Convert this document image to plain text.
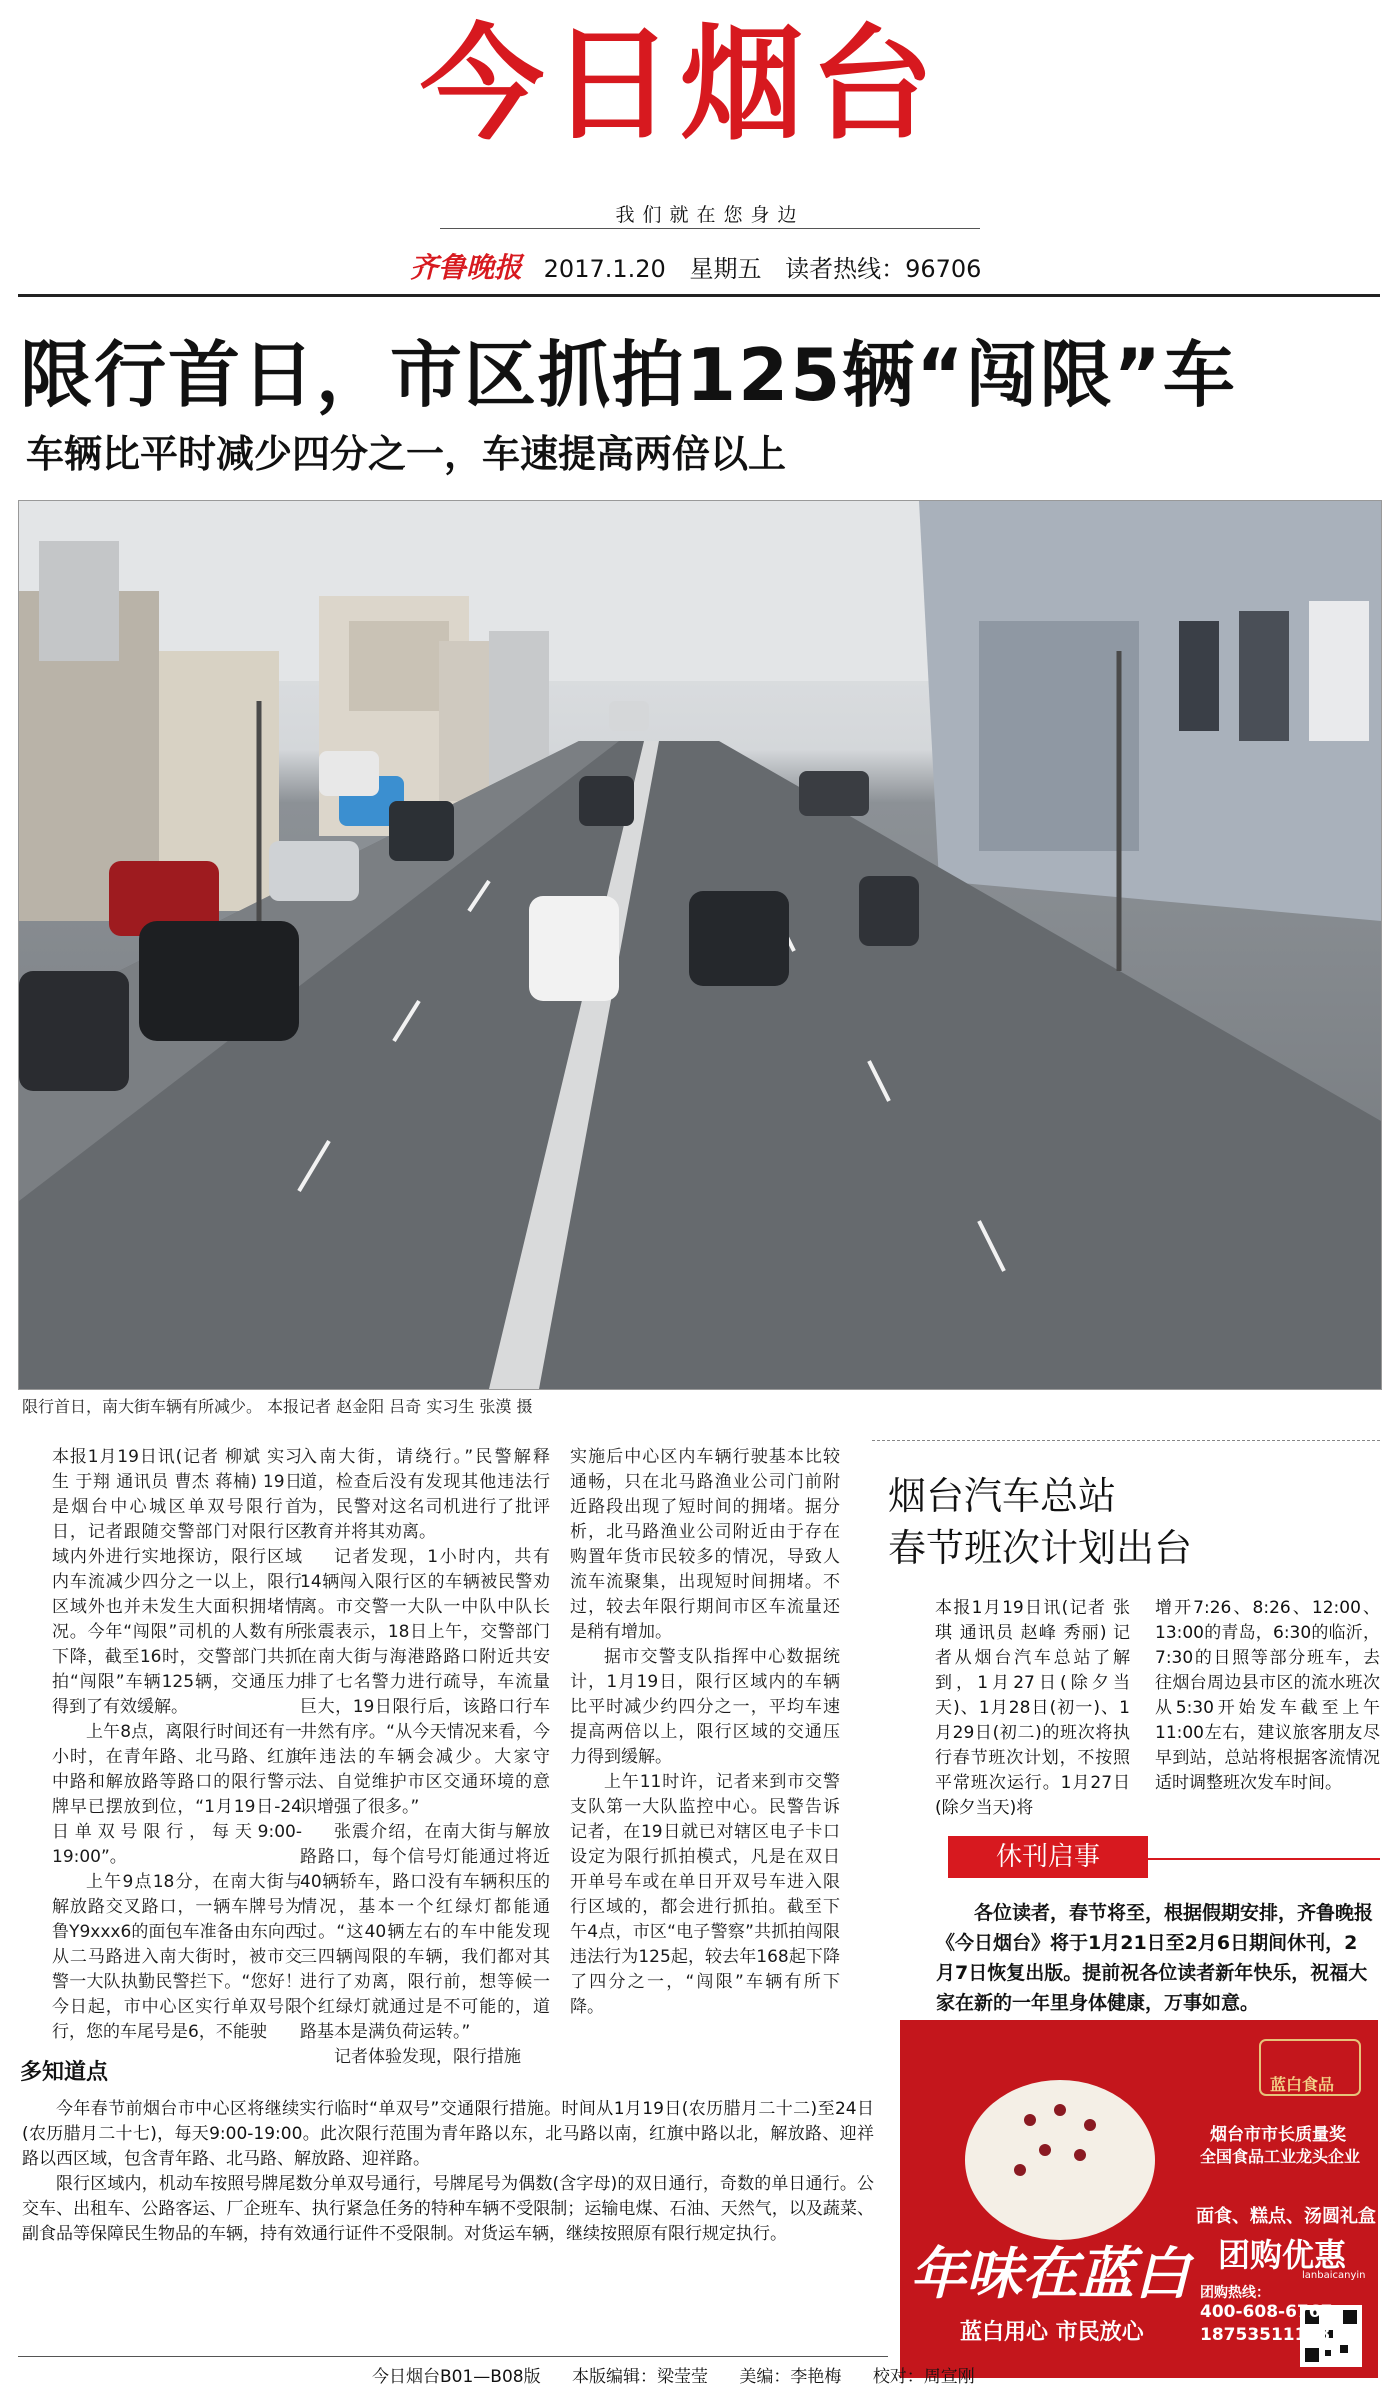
今日烟台
我们就在您身边
齐鲁晚报 2017.1.20 星期五 读者热线：96706
限行首日，市区抓拍125辆“闯限”车
车辆比平时减少四分之一，车速提高两倍以上
限行首日，南大街车辆有所减少。 本报记者 赵金阳 吕奇 实习生 张漠 摄

本报1月19日讯(记者 柳斌 实习生 于翔 通讯员 曹杰 蒋楠) 19日是烟台中心城区单双号限行首日，记者跟随交警部门对限行区域内外进行实地探访，限行区域内车流减少四分之一以上，限行区域外也并未发生大面积拥堵情况。今年“闯限”司机的人数有所下降，截至16时，交警部门共抓拍“闯限”车辆125辆，交通压力得到了有效缓解。

上午8点，离限行时间还有一小时，在青年路、北马路、红旗中路和解放路等路口的限行警示牌早已摆放到位，“1月19日-24日单双号限行，每天9:00-19:00”。

上午9点18分，在南大街与解放路交叉路口，一辆车牌号为鲁Y9xxx6的面包车准备由东向西从二马路进入南大街时，被市交警一大队执勤民警拦下。“您好！今日起，市中心区实行单双号限行，您的车尾号是6，不能驶

入南大街，请绕行。”民警解释道，检查后没有发现其他违法行为，民警对这名司机进行了批评教育并将其劝离。

记者发现，1小时内，共有14辆闯入限行区的车辆被民警劝离。市交警一大队一中队中队长张震表示，18日上午，交警部门在南大街与海港路路口附近共安排了七名警力进行疏导，车流量巨大，19日限行后，该路口行车井然有序。“从今天情况来看，今年违法的车辆会减少。大家守法、自觉维护市区交通环境的意识增强了很多。”

张震介绍，在南大街与解放路路口，每个信号灯能通过将近40辆轿车，路口没有车辆积压的情况，基本一个红绿灯都能通过。“这40辆左右的车中能发现三四辆闯限的车辆，我们都对其进行了劝离，限行前，想等候一个红绿灯就通过是不可能的，道路基本是满负荷运转。”

记者体验发现，限行措施

实施后中心区内车辆行驶基本比较通畅，只在北马路渔业公司门前附近路段出现了短时间的拥堵。据分析，北马路渔业公司附近由于存在购置年货市民较多的情况，导致人流车流聚集，出现短时间拥堵。不过，较去年限行期间市区车流量还是稍有增加。

据市交警支队指挥中心数据统计，1月19日，限行区域内的车辆比平时减少约四分之一，平均车速提高两倍以上，限行区域的交通压力得到缓解。

上午11时许，记者来到市交警支队第一大队监控中心。民警告诉记者，在19日就已对辖区电子卡口设定为限行抓拍模式，凡是在双日开单号车或在单日开双号车进入限行区域的，都会进行抓拍。截至下午4点，市区“电子警察”共抓拍闯限违法行为125起，较去年168起下降了四分之一，“闯限”车辆有所下降。

烟台汽车总站
春节班次计划出台
本报1月19日讯(记者 张琪 通讯员 赵峰 秀丽) 记者从烟台汽车总站了解到，1月27日(除夕当天)、1月28日(初一)、1月29日(初二)的班次将执行春节班次计划，不按照平常班次运行。1月27日(除夕当天)将
增开7:26、8:26、12:00、13:00的青岛，6:30的临沂，7:30的日照等部分班车，去往烟台周边县市区的流水班次从5:30开始发车截至上午11:00左右，建议旅客朋友尽早到站，总站将根据客流情况适时调整班次发车时间。
休刊启事
各位读者，春节将至，根据假期安排，齐鲁晚报《今日烟台》将于1月21日至2月6日期间休刊，2月7日恢复出版。提前祝各位读者新年快乐，祝福大家在新的一年里身体健康，万事如意。
多知道点

今年春节前烟台市中心区将继续实行临时“单双号”交通限行措施。时间从1月19日(农历腊月二十二)至24日(农历腊月二十七)，每天9:00-19:00。此次限行范围为青年路以东，北马路以南，红旗中路以北，解放路、迎祥路以西区域，包含青年路、北马路、解放路、迎祥路。

限行区域内，机动车按照号牌尾数分单双号通行，号牌尾号为偶数(含字母)的双日通行，奇数的单日通行。公交车、出租车、公路客运、厂企班车、执行紧急任务的特种车辆不受限制；运输电煤、石油、天然气，以及蔬菜、副食品等保障民生物品的车辆，持有效通行证件不受限制。对货运车辆，继续按照原有限行规定执行。

蓝白食品
烟台市市长质量奖
全国食品工业龙头企业
面食、糕点、汤圆礼盒
团购优惠
年味在蓝白
蓝白用心 市民放心
团购热线：
400-608-6767
18753511168
lanbaicanyin
今日烟台B01—B08版 本版编辑：梁莹莹 美编：李艳梅 校对：周宣刚
